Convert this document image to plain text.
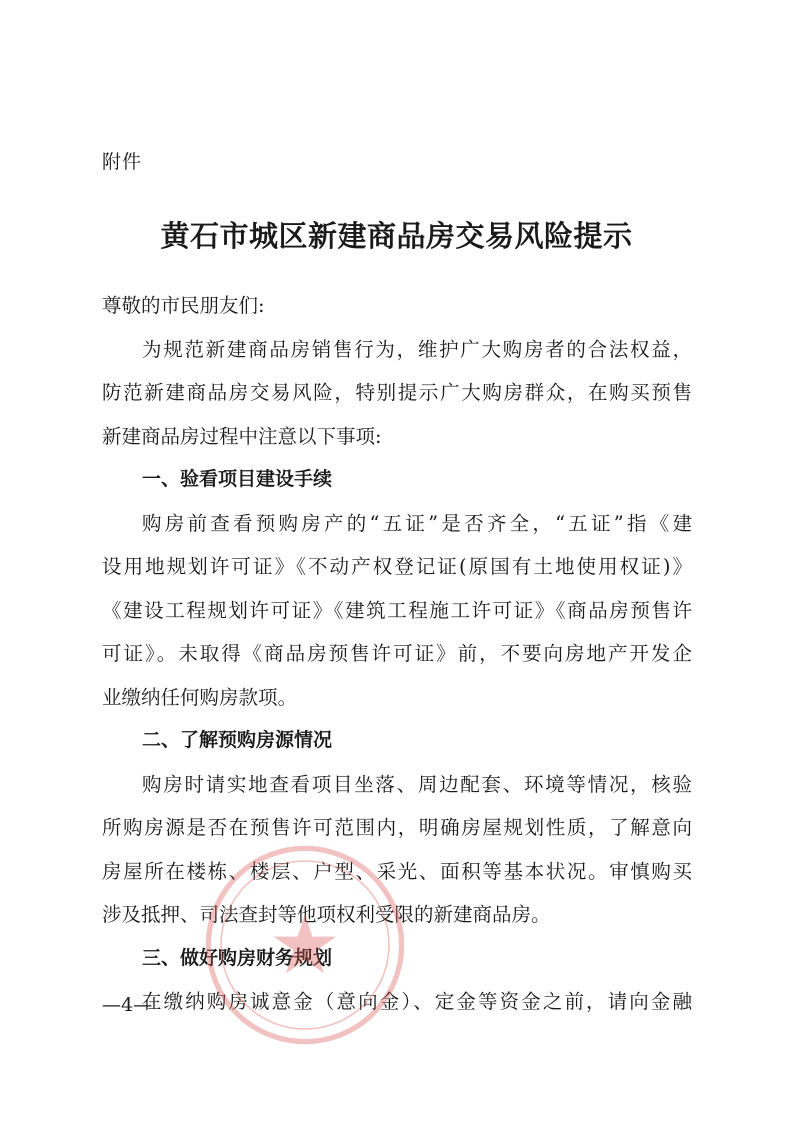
附件
黄石市城区新建商品房交易风险提示
尊敬的市民朋友们:
为规范新建商品房销售行为，维护广大购房者的合法权益，
防范新建商品房交易风险，特别提示广大购房群众，在购买预售
新建商品房过程中注意以下事项:
一、验看项目建设手续
购房前查看预购房产的“五证”是否齐全，“五证”指《建
设用地规划许可证》《不动产权登记证(原国有土地使用权证)》
《建设工程规划许可证》《建筑工程施工许可证》《商品房预售许
可证》。未取得《商品房预售许可证》前，不要向房地产开发企
业缴纳任何购房款项。
二、了解预购房源情况
购房时请实地查看项目坐落、周边配套、环境等情况，核验
所购房源是否在预售许可范围内，明确房屋规划性质，了解意向
房屋所在楼栋、楼层、户型、采光、面积等基本状况。审慎购买
涉及抵押、司法查封等他项权利受限的新建商品房。
三、做好购房财务规划
在缴纳购房诚意金（意向金）、定金等资金之前，请向金融
—4—
